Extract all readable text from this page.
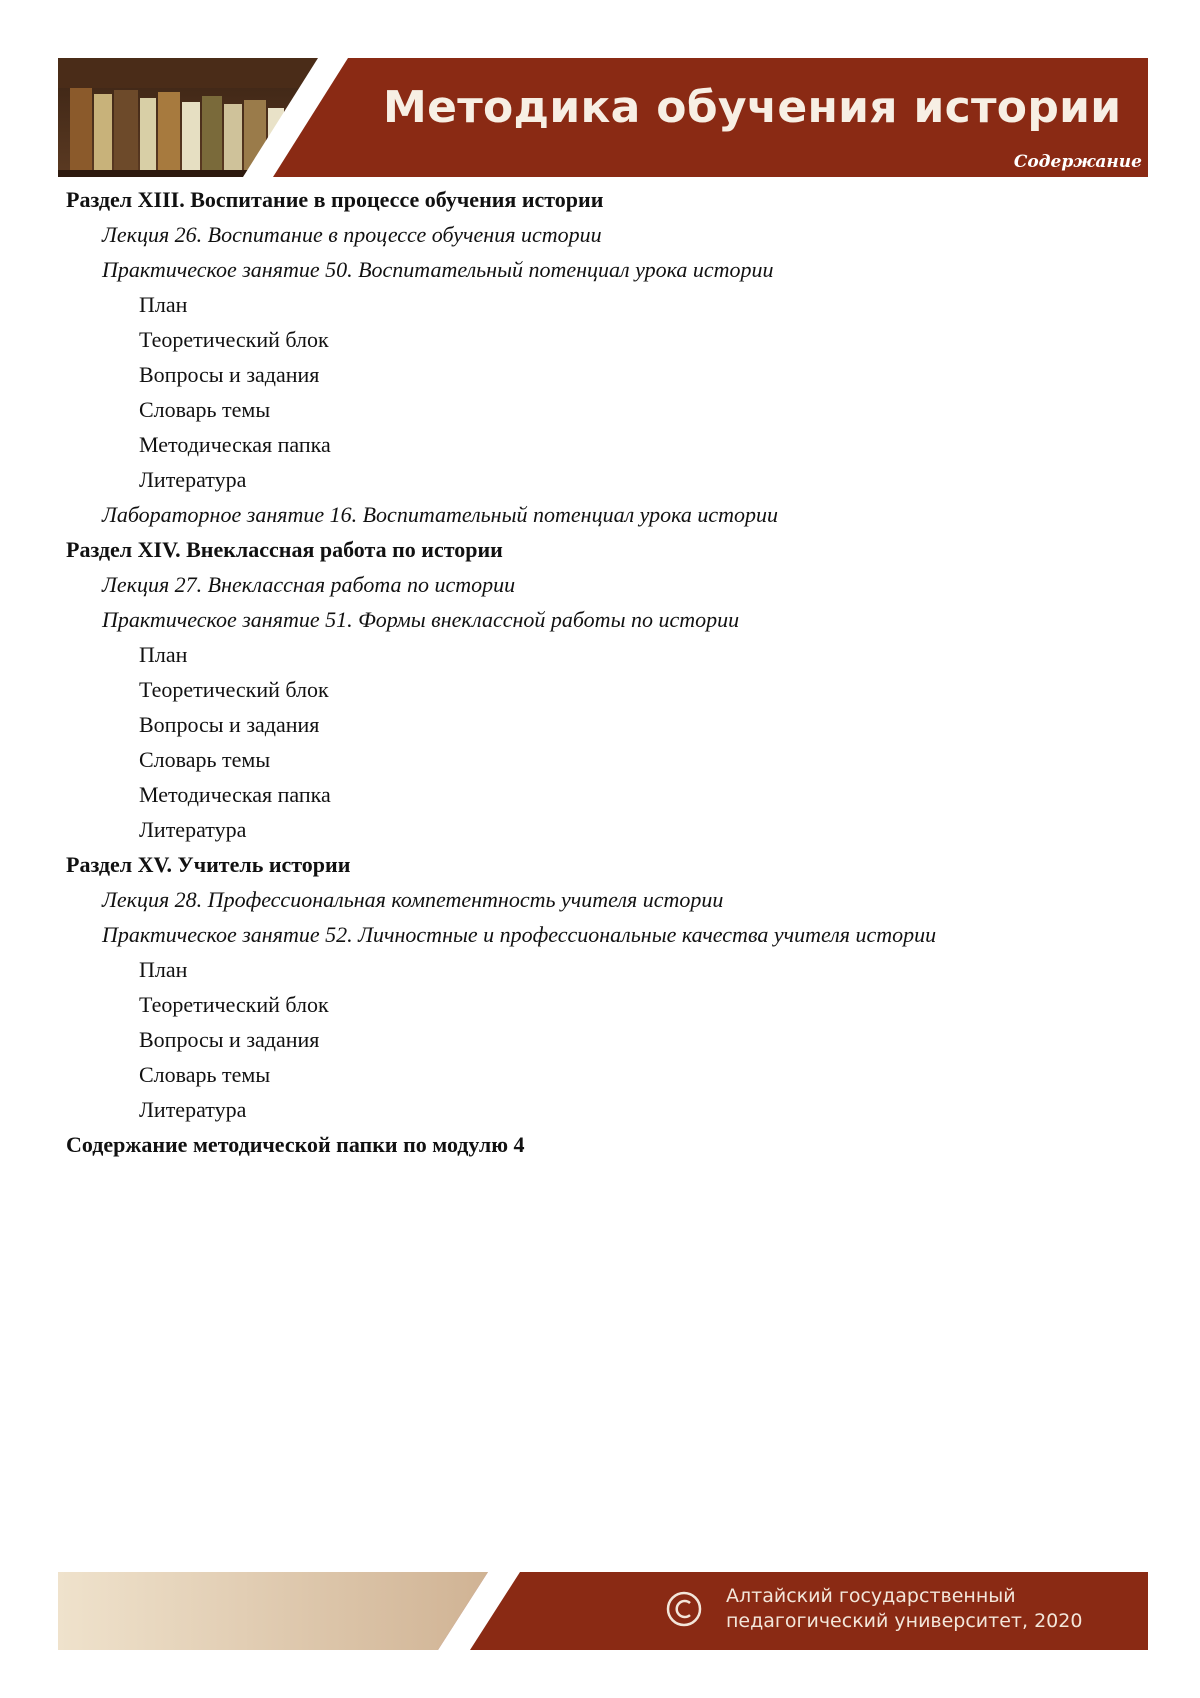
Методика обучения истории
Содержание
Раздел XIII. Воспитание в процессе обучения истории
Лекция 26. Воспитание в процессе обучения истории
Практическое занятие 50. Воспитательный потенциал урока истории
План
Теоретический блок
Вопросы и задания
Словарь темы
Методическая папка
Литература
Лабораторное занятие 16. Воспитательный потенциал урока истории
Раздел XIV. Внеклассная работа по истории
Лекция 27. Внеклассная работа по истории
Практическое занятие 51. Формы внеклассной работы по истории
План
Теоретический блок
Вопросы и задания
Словарь темы
Методическая папка
Литература
Раздел XV. Учитель истории
Лекция 28. Профессиональная компетентность учителя истории
Практическое занятие 52. Личностные и профессиональные качества учителя истории
План
Теоретический блок
Вопросы и задания
Словарь темы
Литература
Содержание методической папки по модулю 4
Алтайский государственный
педагогический университет, 2020
